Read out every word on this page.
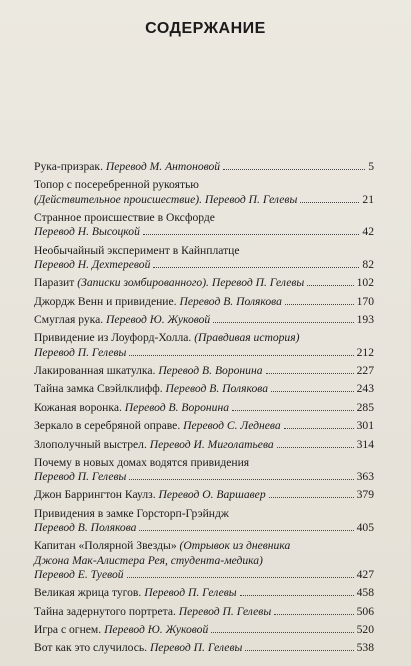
СОДЕРЖАНИЕ
Рука-призрак. Перевод М. Антоновой	5
Топор с посеребренной рукоятью
(Действительное происшествие). Перевод П. Гелевы	21
Странное происшествие в Оксфорде
Перевод Н. Высоцкой	42
Необычайный эксперимент в Кайнплатце
Перевод Н. Дехтеревой	82
Паразит (Записки зомбированного). Перевод П. Гелевы	102
Джордж Венн и привидение. Перевод В. Полякова	170
Смуглая рука. Перевод Ю. Жуковой	193
Привидение из Лоуфорд-Холла. (Правдивая история)
Перевод П. Гелевы	212
Лакированная шкатулка. Перевод В. Воронина	227
Тайна замка Свэйлклифф. Перевод В. Полякова	243
Кожаная воронка. Перевод В. Воронина	285
Зеркало в серебряной оправе. Перевод С. Леднева	301
Злополучный выстрел. Перевод И. Миголатьева	314
Почему в новых домах водятся привидения
Перевод П. Гелевы	363
Джон Баррингтон Каулз. Перевод О. Варшавер	379
Привидения в замке Горсторп-Грэйндж
Перевод В. Полякова	405
Капитан «Полярной Звезды» (Отрывок из дневника
Джона Мак-Алистера Рея, студента-медика)
Перевод Е. Туевой	427
Великая жрица тугов. Перевод П. Гелевы	458
Тайна задернутого портрета. Перевод П. Гелевы	506
Игра с огнем. Перевод Ю. Жуковой	520
Вот как это случилось. Перевод П. Гелевы	538
